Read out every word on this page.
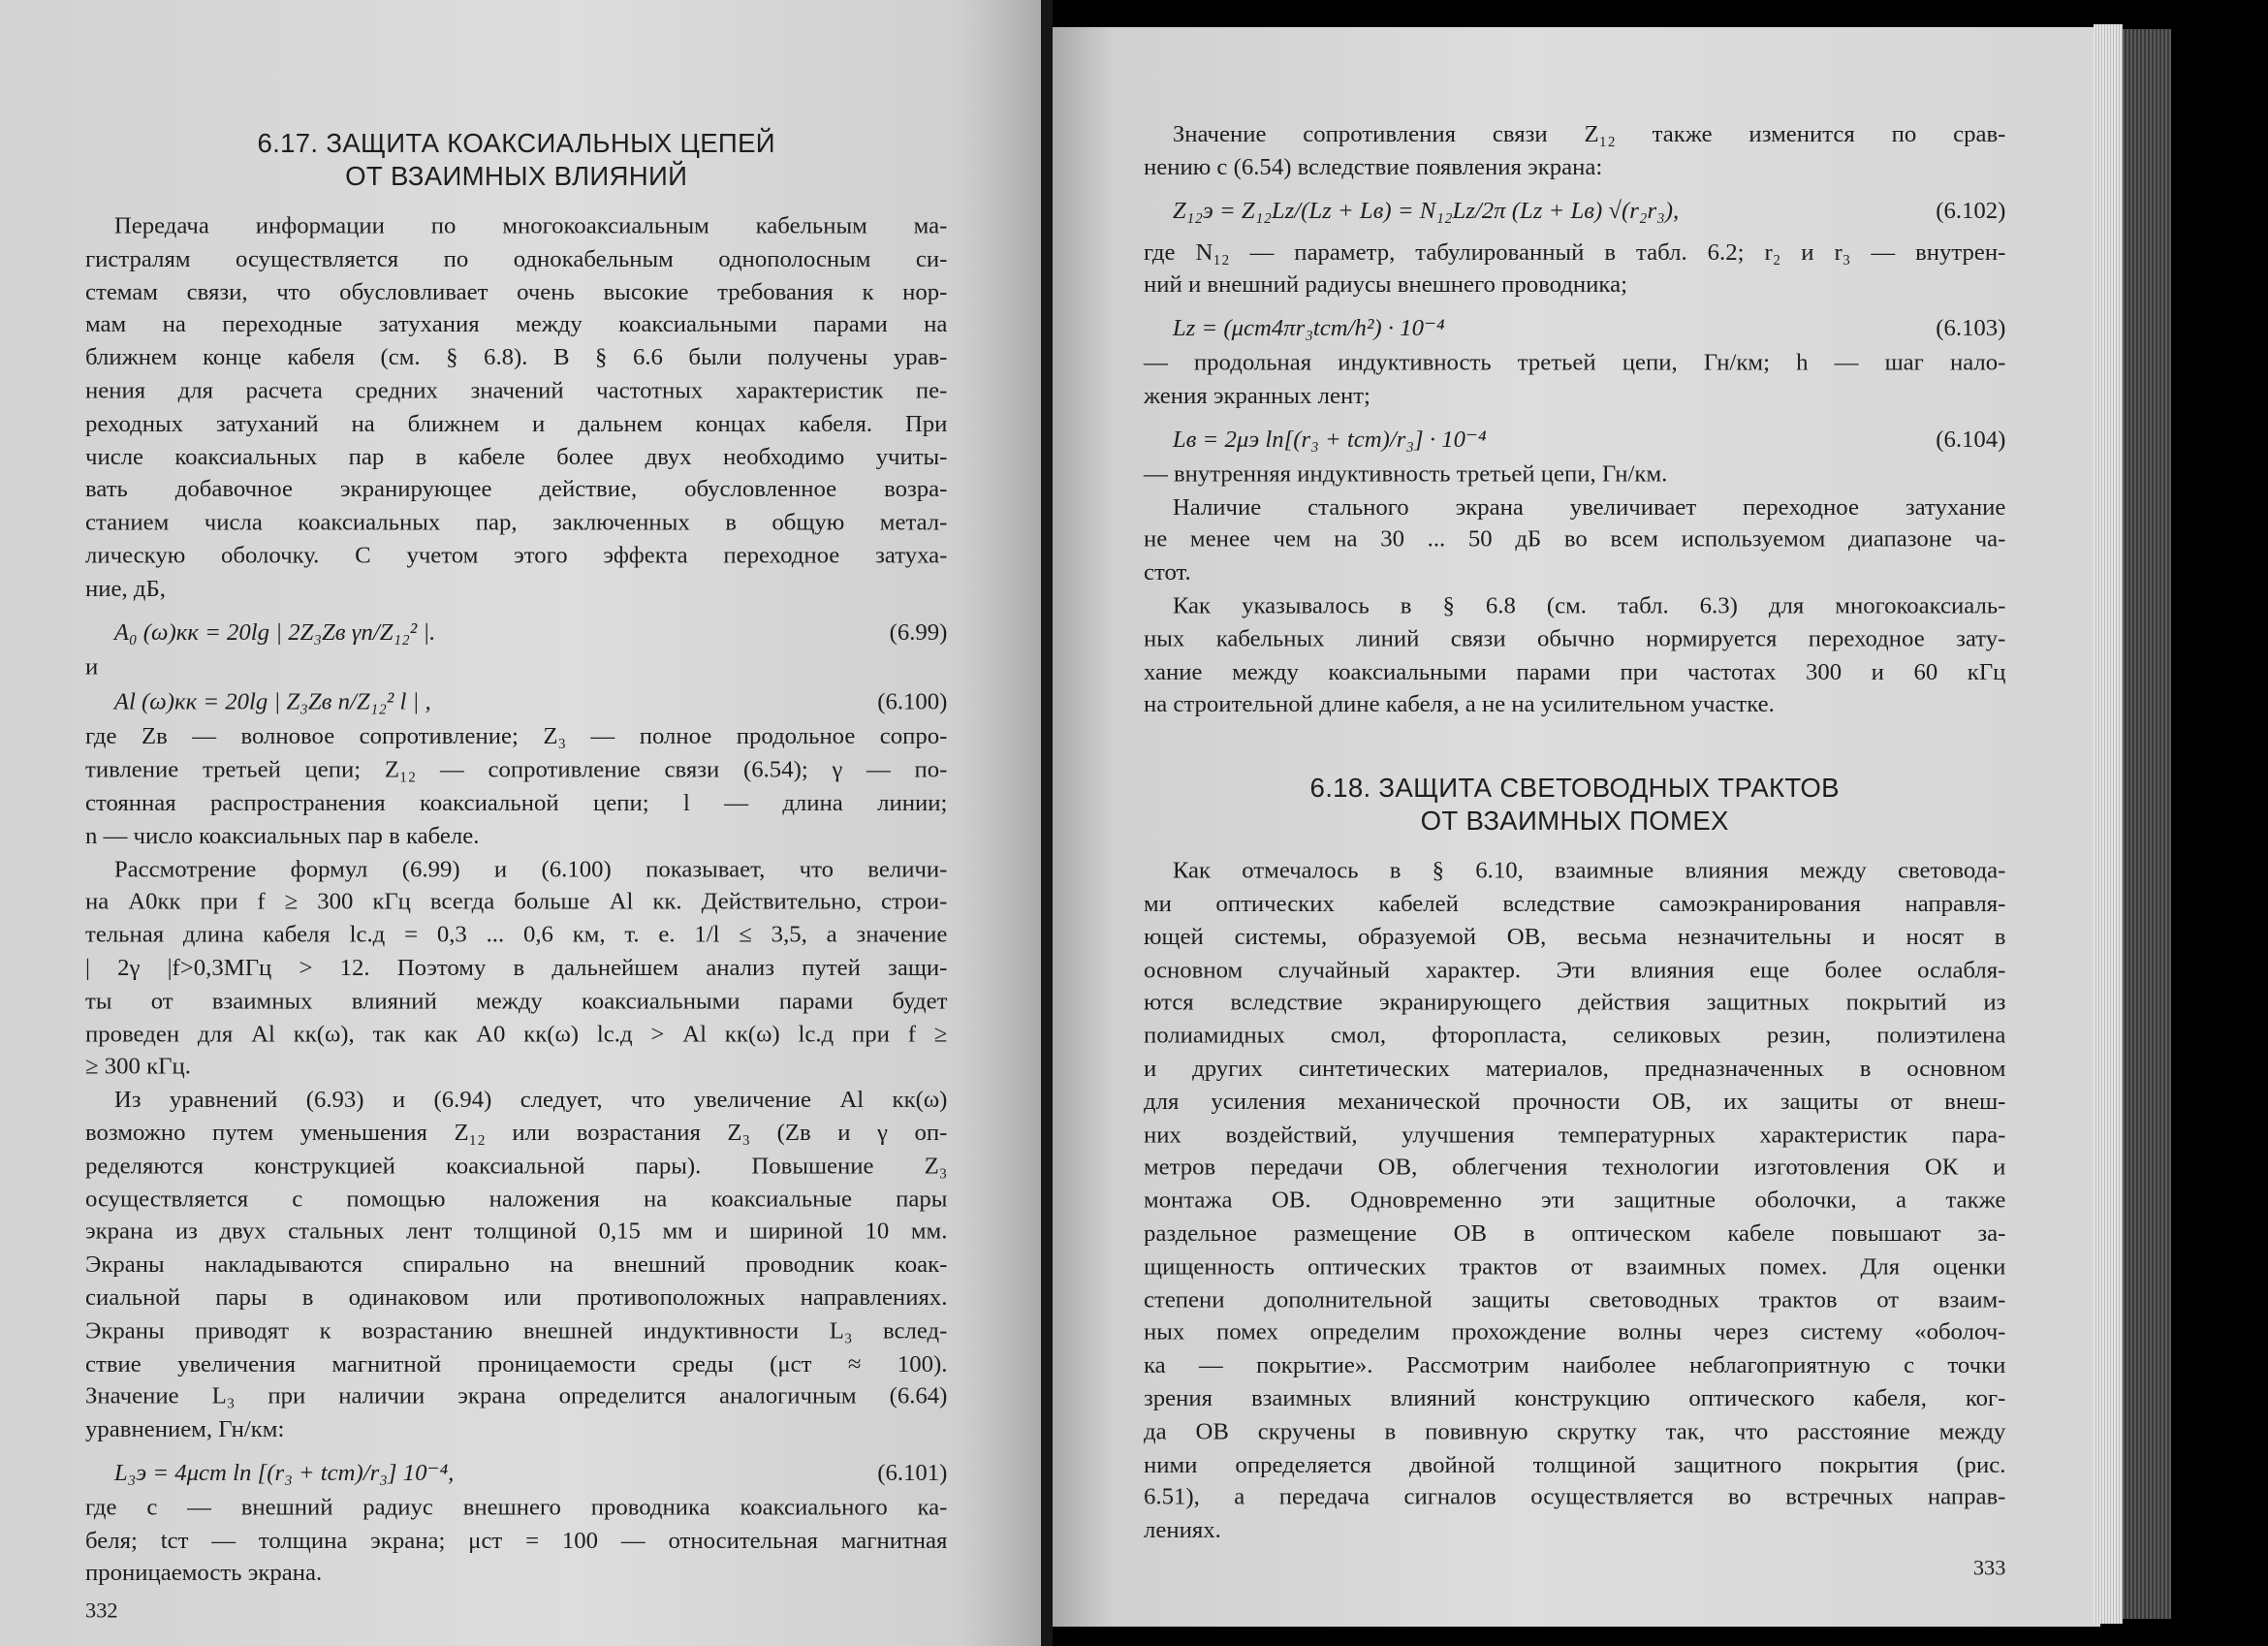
6.17. ЗАЩИТА КОАКСИАЛЬНЫХ ЦЕПЕЙ
ОТ ВЗАИМНЫХ ВЛИЯНИЙ
Передача информации по многокоаксиальным кабельным ма-
гистралям осуществляется по однокабельным однополосным си-
стемам связи, что обусловливает очень высокие требования к нор-
мам на переходные затухания между коаксиальными парами на
ближнем конце кабеля (см. § 6.8). В § 6.6 были получены урав-
нения для расчета средних значений частотных характеристик пе-
реходных затуханий на ближнем и дальнем концах кабеля. При
числе коаксиальных пар в кабеле более двух необходимо учиты-
вать добавочное экранирующее действие, обусловленное возра-
станием числа коаксиальных пар, заключенных в общую метал-
лическую оболочку. С учетом этого эффекта переходное затуха-
ние, дБ,
A₀ (ω)кк = 20lg | 2Z₃Zв γn/Z₁₂² |.	(6.99)
и
Al (ω)кк = 20lg | Z₃Zв n/Z₁₂² l | ,	(6.100)
где Zв — волновое сопротивление; Z₃ — полное продольное сопро-
тивление третьей цепи; Z₁₂ — сопротивление связи (6.54); γ — по-
стоянная распространения коаксиальной цепи; l — длина линии;
n — число коаксиальных пар в кабеле.
Рассмотрение формул (6.99) и (6.100) показывает, что величи-
на A0кк при f ≥ 300 кГц всегда больше Al кк. Действительно, строи-
тельная длина кабеля lс.д = 0,3 ... 0,6 км, т. е. 1/l ≤ 3,5, а значение
| 2γ |f>0,3МГц > 12. Поэтому в дальнейшем анализ путей защи-
ты от взаимных влияний между коаксиальными парами будет
проведен для Al кк(ω), так как A0 кк(ω) lс.д > Al кк(ω) lс.д при f ≥
≥ 300 кГц.
Из уравнений (6.93) и (6.94) следует, что увеличение Al кк(ω)
возможно путем уменьшения Z₁₂ или возрастания Z₃ (Zв и γ оп-
ределяются конструкцией коаксиальной пары). Повышение Z₃
осуществляется с помощью наложения на коаксиальные пары
экрана из двух стальных лент толщиной 0,15 мм и шириной 10 мм.
Экраны накладываются спирально на внешний проводник коак-
сиальной пары в одинаковом или противоположных направлениях.
Экраны приводят к возрастанию внешней индуктивности L₃ вслед-
ствие увеличения магнитной проницаемости среды (μст ≈ 100).
Значение L₃ при наличии экрана определится аналогичным (6.64)
уравнением, Гн/км:
L₃э = 4μст ln [(r₃ + tст)/r₃] 10⁻⁴,	(6.101)
где c — внешний радиус внешнего проводника коаксиального ка-
беля; tст — толщина экрана; μст = 100 — относительная магнитная
проницаемость экрана.
332
Значение сопротивления связи Z₁₂ также изменится по срав-
нению с (6.54) вследствие появления экрана:
Z₁₂э = Z₁₂Lz/(Lz + Lв) = N₁₂Lz/2π (Lz + Lв) √(r₂r₃),	(6.102)
где N₁₂ — параметр, табулированный в табл. 6.2; r₂ и r₃ — внутрен-
ний и внешний радиусы внешнего проводника;
Lz = (μст4πr₃tст/h²) · 10⁻⁴	(6.103)
— продольная индуктивность третьей цепи, Гн/км; h — шаг нало-
жения экранных лент;
Lв = 2μэ ln[(r₃ + tст)/r₃] · 10⁻⁴	(6.104)
— внутренняя индуктивность третьей цепи, Гн/км.
Наличие стального экрана увеличивает переходное затухание
не менее чем на 30 ... 50 дБ во всем используемом диапазоне ча-
стот.
Как указывалось в § 6.8 (см. табл. 6.3) для многокоаксиаль-
ных кабельных линий связи обычно нормируется переходное зату-
хание между коаксиальными парами при частотах 300 и 60 кГц
на строительной длине кабеля, а не на усилительном участке.
6.18. ЗАЩИТА СВЕТОВОДНЫХ ТРАКТОВ
ОТ ВЗАИМНЫХ ПОМЕХ
Как отмечалось в § 6.10, взаимные влияния между световода-
ми оптических кабелей вследствие самоэкранирования направля-
ющей системы, образуемой ОВ, весьма незначительны и носят в
основном случайный характер. Эти влияния еще более ослабля-
ются вследствие экранирующего действия защитных покрытий из
полиамидных смол, фторопласта, селиковых резин, полиэтилена
и других синтетических материалов, предназначенных в основном
для усиления механической прочности ОВ, их защиты от внеш-
них воздействий, улучшения температурных характеристик пара-
метров передачи ОВ, облегчения технологии изготовления ОК и
монтажа ОВ. Одновременно эти защитные оболочки, а также
раздельное размещение ОВ в оптическом кабеле повышают за-
щищенность оптических трактов от взаимных помех. Для оценки
степени дополнительной защиты световодных трактов от взаим-
ных помех определим прохождение волны через систему «оболоч-
ка — покрытие». Рассмотрим наиболее неблагоприятную с точки
зрения взаимных влияний конструкцию оптического кабеля, ког-
да ОВ скручены в повивную скрутку так, что расстояние между
ними определяется двойной толщиной защитного покрытия (рис.
6.51), а передача сигналов осуществляется во встречных направ-
лениях.
333
